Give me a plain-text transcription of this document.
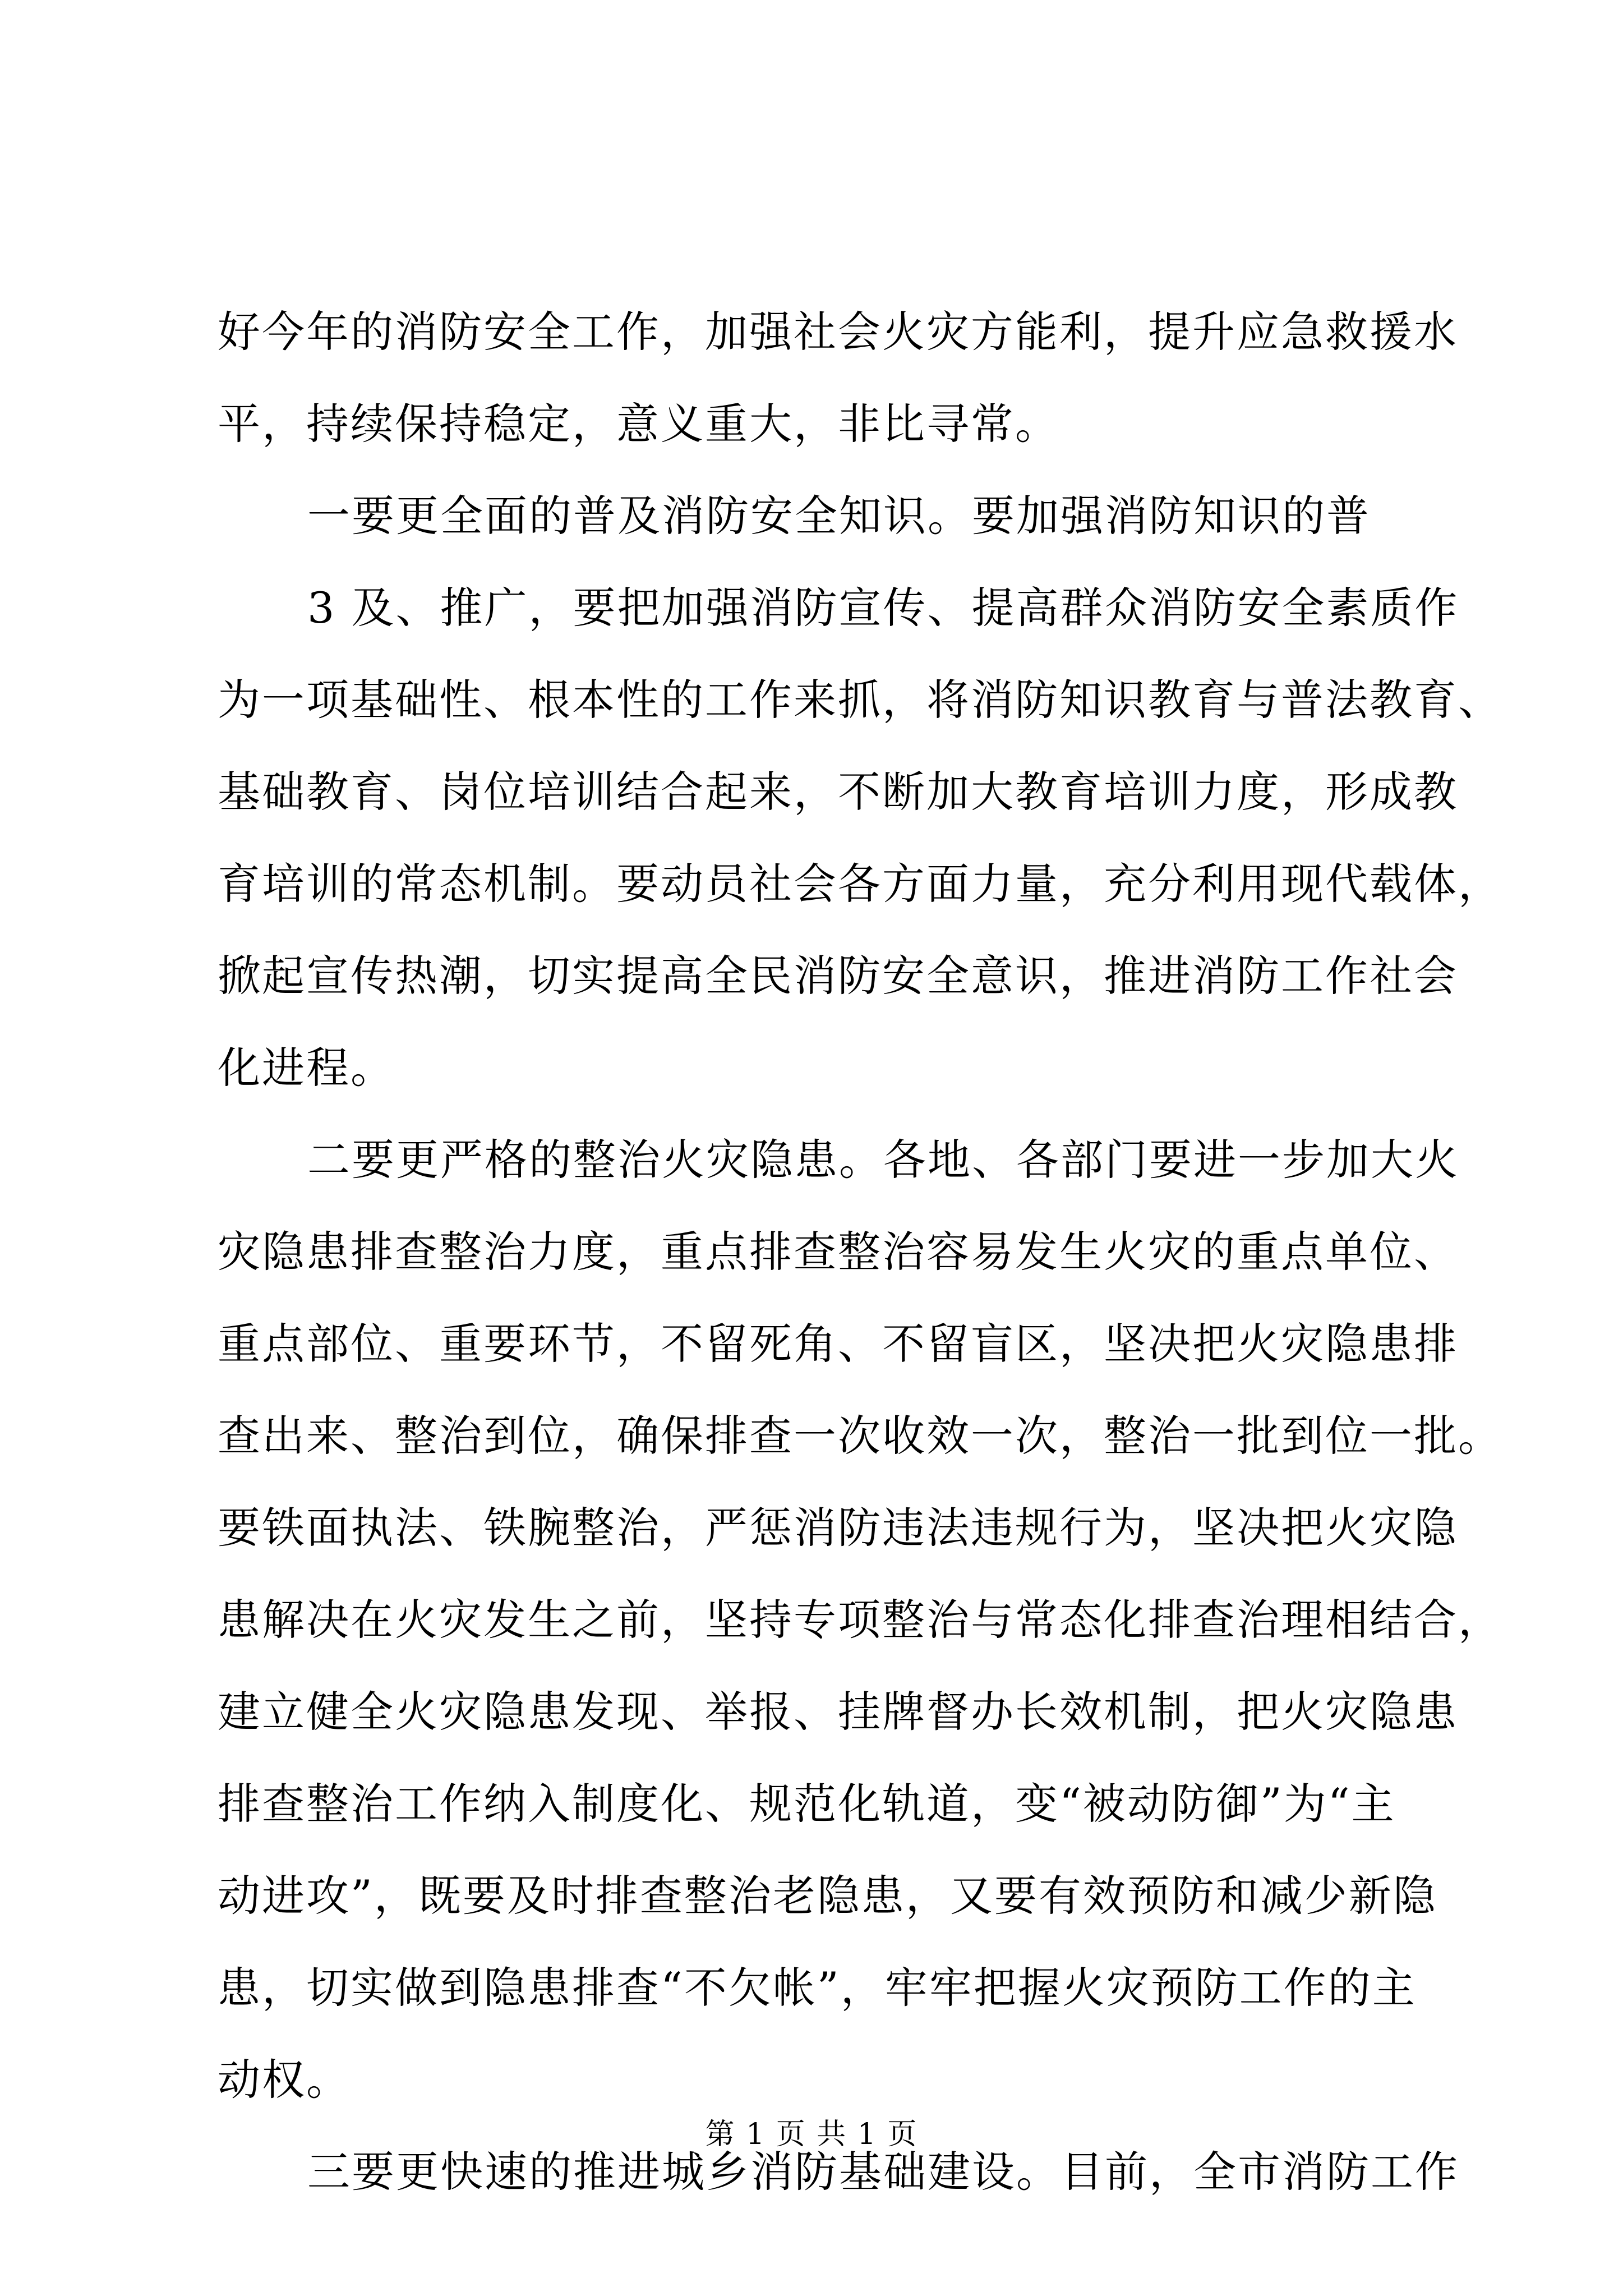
好今年的消防安全工作，加强社会火灾方能利，提升应急救援水
平，持续保持稳定，意义重大，非比寻常。
一要更全面的普及消防安全知识。要加强消防知识的普
3 及、推广，要把加强消防宣传、提高群众消防安全素质作
为一项基础性、根本性的工作来抓，将消防知识教育与普法教育、
基础教育、岗位培训结合起来，不断加大教育培训力度，形成教
育培训的常态机制。要动员社会各方面力量，充分利用现代载体，
掀起宣传热潮，切实提高全民消防安全意识，推进消防工作社会
化进程。
二要更严格的整治火灾隐患。各地、各部门要进一步加大火
灾隐患排查整治力度，重点排查整治容易发生火灾的重点单位、
重点部位、重要环节，不留死角、不留盲区，坚决把火灾隐患排
查出来、整治到位，确保排查一次收效一次，整治一批到位一批。
要铁面执法、铁腕整治，严惩消防违法违规行为，坚决把火灾隐
患解决在火灾发生之前，坚持专项整治与常态化排查治理相结合，
建立健全火灾隐患发现、举报、挂牌督办长效机制，把火灾隐患
排查整治工作纳入制度化、规范化轨道，变“被动防御”为“主
动进攻”，既要及时排查整治老隐患，又要有效预防和减少新隐
患，切实做到隐患排查“不欠帐”，牢牢把握火灾预防工作的主
动权。
三要更快速的推进城乡消防基础建设。目前，全市消防工作
第 1 页 共 1 页
